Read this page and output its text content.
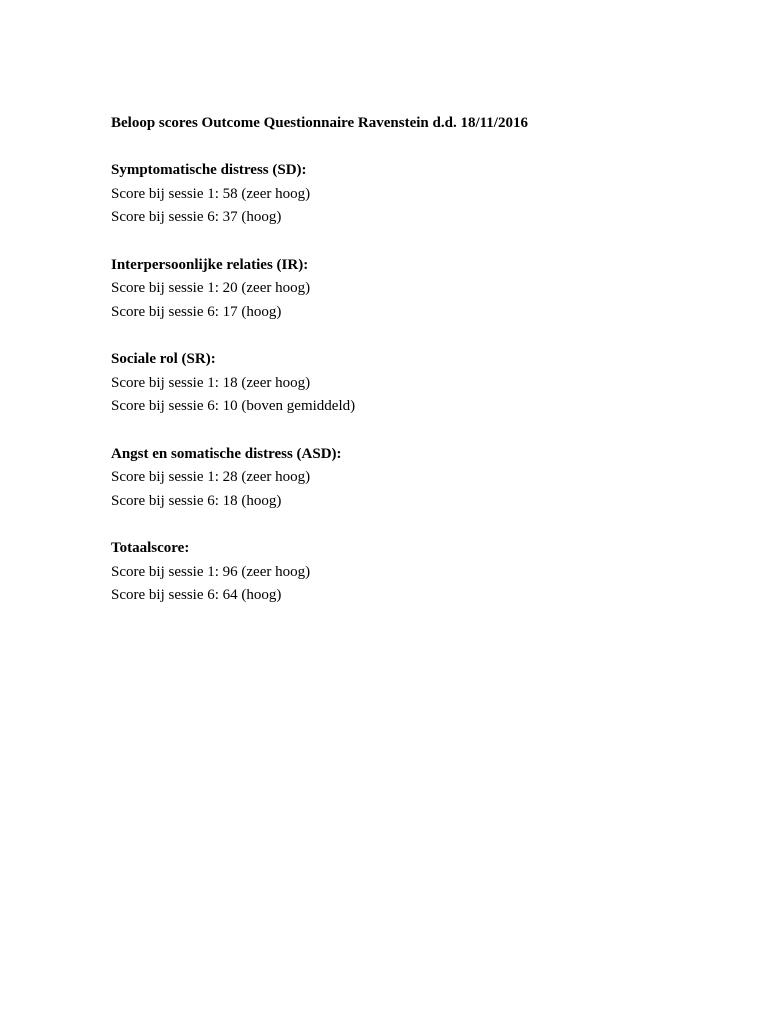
Beloop scores Outcome Questionnaire Ravenstein d.d. 18/11/2016
Symptomatische distress (SD):
Score bij sessie 1: 58 (zeer hoog)
Score bij sessie 6: 37 (hoog)
Interpersoonlijke relaties (IR):
Score bij sessie 1: 20 (zeer hoog)
Score bij sessie 6: 17 (hoog)
Sociale rol (SR):
Score bij sessie 1: 18 (zeer hoog)
Score bij sessie 6: 10 (boven gemiddeld)
Angst en somatische distress (ASD):
Score bij sessie 1: 28 (zeer hoog)
Score bij sessie 6: 18 (hoog)
Totaalscore:
Score bij sessie 1: 96 (zeer hoog)
Score bij sessie 6: 64 (hoog)
